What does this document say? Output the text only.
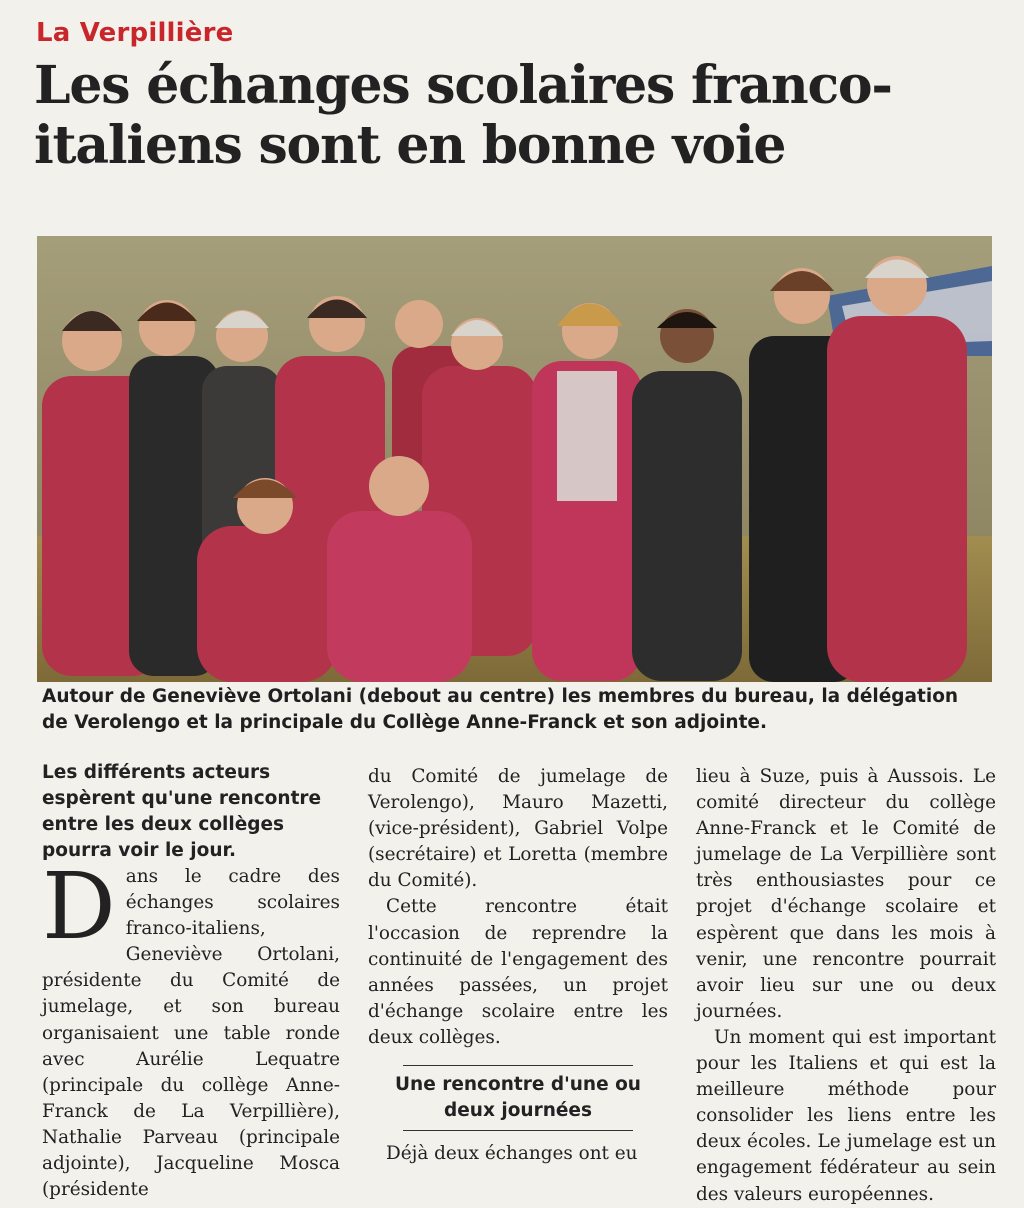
La Verpillière
Les échanges scolaires franco-italiens sont en bonne voie
Autour de Geneviève Ortolani (debout au centre) les membres du bureau, la délégation de Verolengo et la principale du Collège Anne-Franck et son adjointe.

Les différents acteurs espèrent qu'une rencontre entre les deux collèges pourra voir le jour.

Dans le cadre des échanges scolaires franco-italiens, Geneviève Ortolani, présidente du Comité de jumelage, et son bureau organisaient une table ronde avec Aurélie Lequatre (principale du collège Anne-Franck de La Verpillière), Nathalie Parveau (principale adjointe), Jacqueline Mosca (présidente

du Comité de jumelage de Verolengo), Mauro Mazetti, (vice-président), Gabriel Volpe (secrétaire) et Loretta (membre du Comité).

Cette rencontre était l'occasion de reprendre la continuité de l'engagement des années passées, un projet d'échange scolaire entre les deux collèges.

Une rencontre d'une ou deux journées

Déjà deux échanges ont eu

lieu à Suze, puis à Aussois. Le comité directeur du collège Anne-Franck et le Comité de jumelage de La Verpillière sont très enthousiastes pour ce projet d'échange scolaire et espèrent que dans les mois à venir, une rencontre pourrait avoir lieu sur une ou deux journées.

Un moment qui est important pour les Italiens et qui est la meilleure méthode pour consolider les liens entre les deux écoles. Le jumelage est un engagement fédérateur au sein des valeurs européennes.
